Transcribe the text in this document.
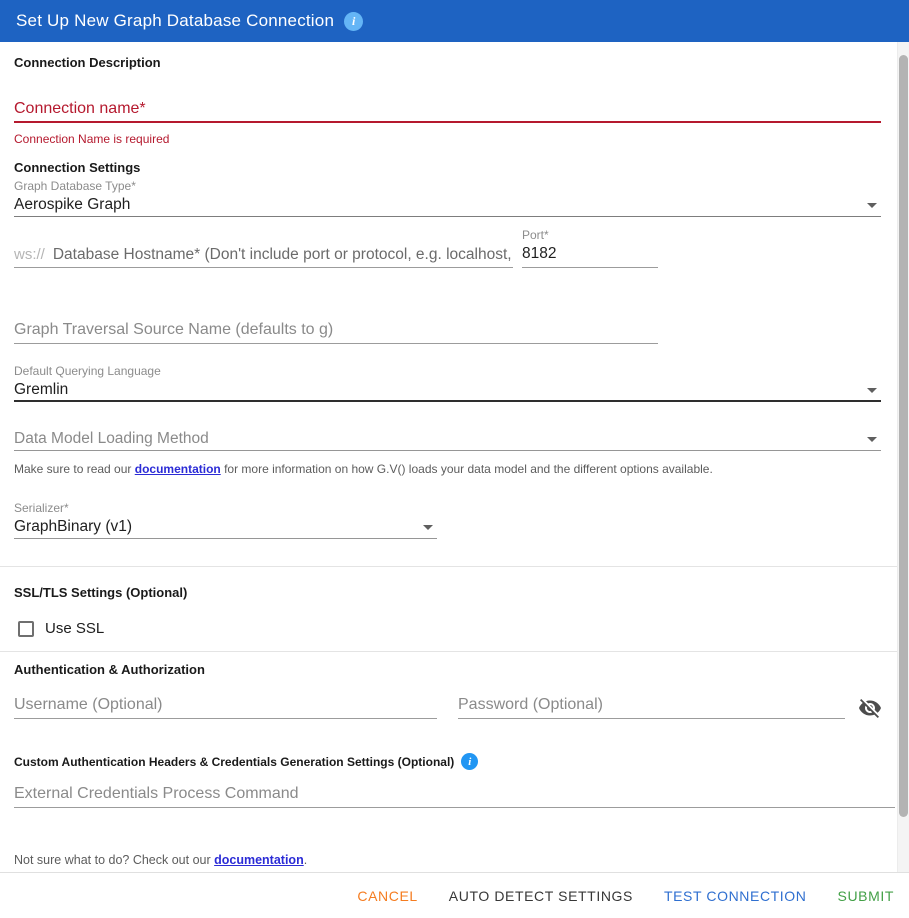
Set Up New Graph Database Connection
i
Connection Description
Connection name*
Connection Name is required
Connection Settings
Graph Database Type*
Aerospike Graph
Port*
ws://
Database Hostname* (Don't include port or protocol, e.g. localhost, …
8182
Graph Traversal Source Name (defaults to g)
Default Querying Language
Gremlin
Data Model Loading Method
Make sure to read our documentation for more information on how G.V() loads your data model and the different options available.
Serializer*
GraphBinary (v1)
SSL/TLS Settings (Optional)
Use SSL
Authentication & Authorization
Username (Optional)
Password (Optional)
Custom Authentication Headers & Credentials Generation Settings (Optional)
i
External Credentials Process Command
Not sure what to do? Check out our documentation.
CANCEL AUTO DETECT SETTINGS TEST CONNECTION SUBMIT
